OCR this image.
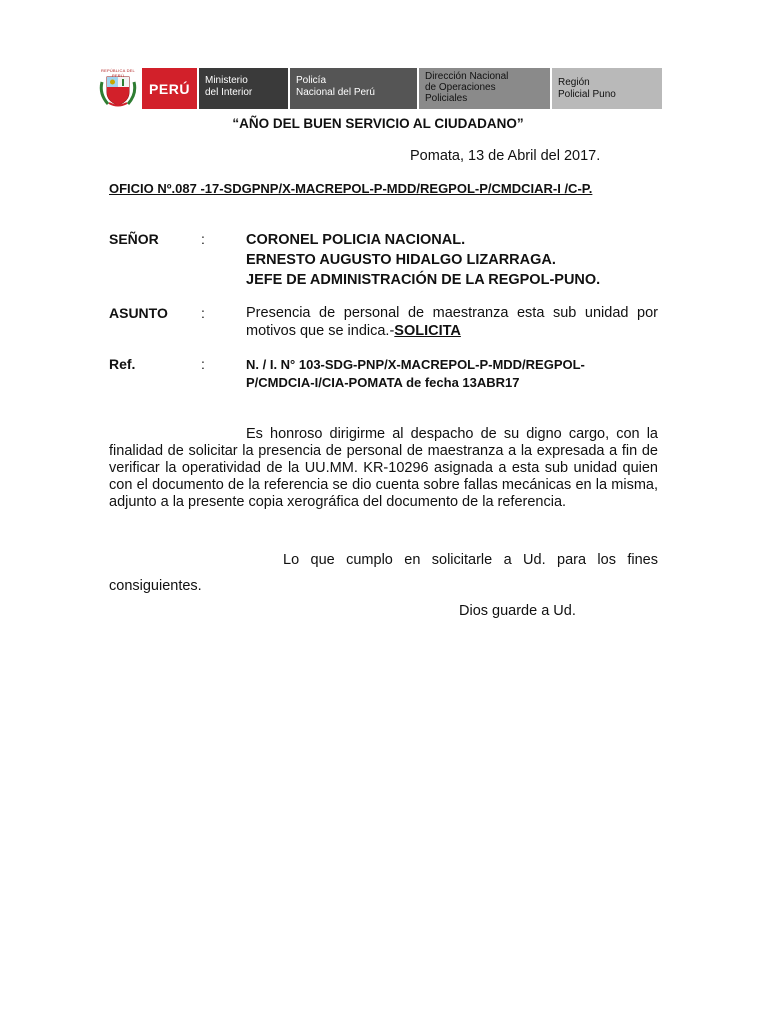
REPÚBLICA DEL PERÚ
PERÚ	Ministerio
del Interior
Policía
Nacional del Perú
Dirección Nacional
de Operaciones
Policiales
Región
Policial Puno
“AÑO DEL BUEN SERVICIO AL CIUDADANO”
Pomata, 13 de Abril del 2017.
OFICIO Nº.087 -17-SDGPNP/X-MACREPOL-P-MDD/REGPOL-P/CMDCIAR-I /C-P.
SEÑOR	:	CORONEL POLICIA NACIONAL.
ERNESTO AUGUSTO HIDALGO LIZARRAGA.
JEFE DE ADMINISTRACIÓN DE LA REGPOL-PUNO.
ASUNTO :	Presencia de personal de maestranza esta sub unidad por motivos que se indica.-SOLICITA
Ref.	:	N. / I. N° 103-SDG-PNP/X-MACREPOL-P-MDD/REGPOL-
P/CMDCIA-I/CIA-POMATA de fecha 13ABR17
Es honroso dirigirme al despacho de su digno cargo, con la finalidad de solicitar la presencia de personal de maestranza a la expresada a fin de verificar la operatividad de la UU.MM. KR-10296 asignada a esta sub unidad quien con el documento de la referencia se dio cuenta sobre fallas mecánicas en la misma, adjunto a la presente copia xerográfica del documento de la referencia.
Lo que cumplo en solicitarle a Ud. para los fines
consiguientes.
Dios guarde a Ud.
